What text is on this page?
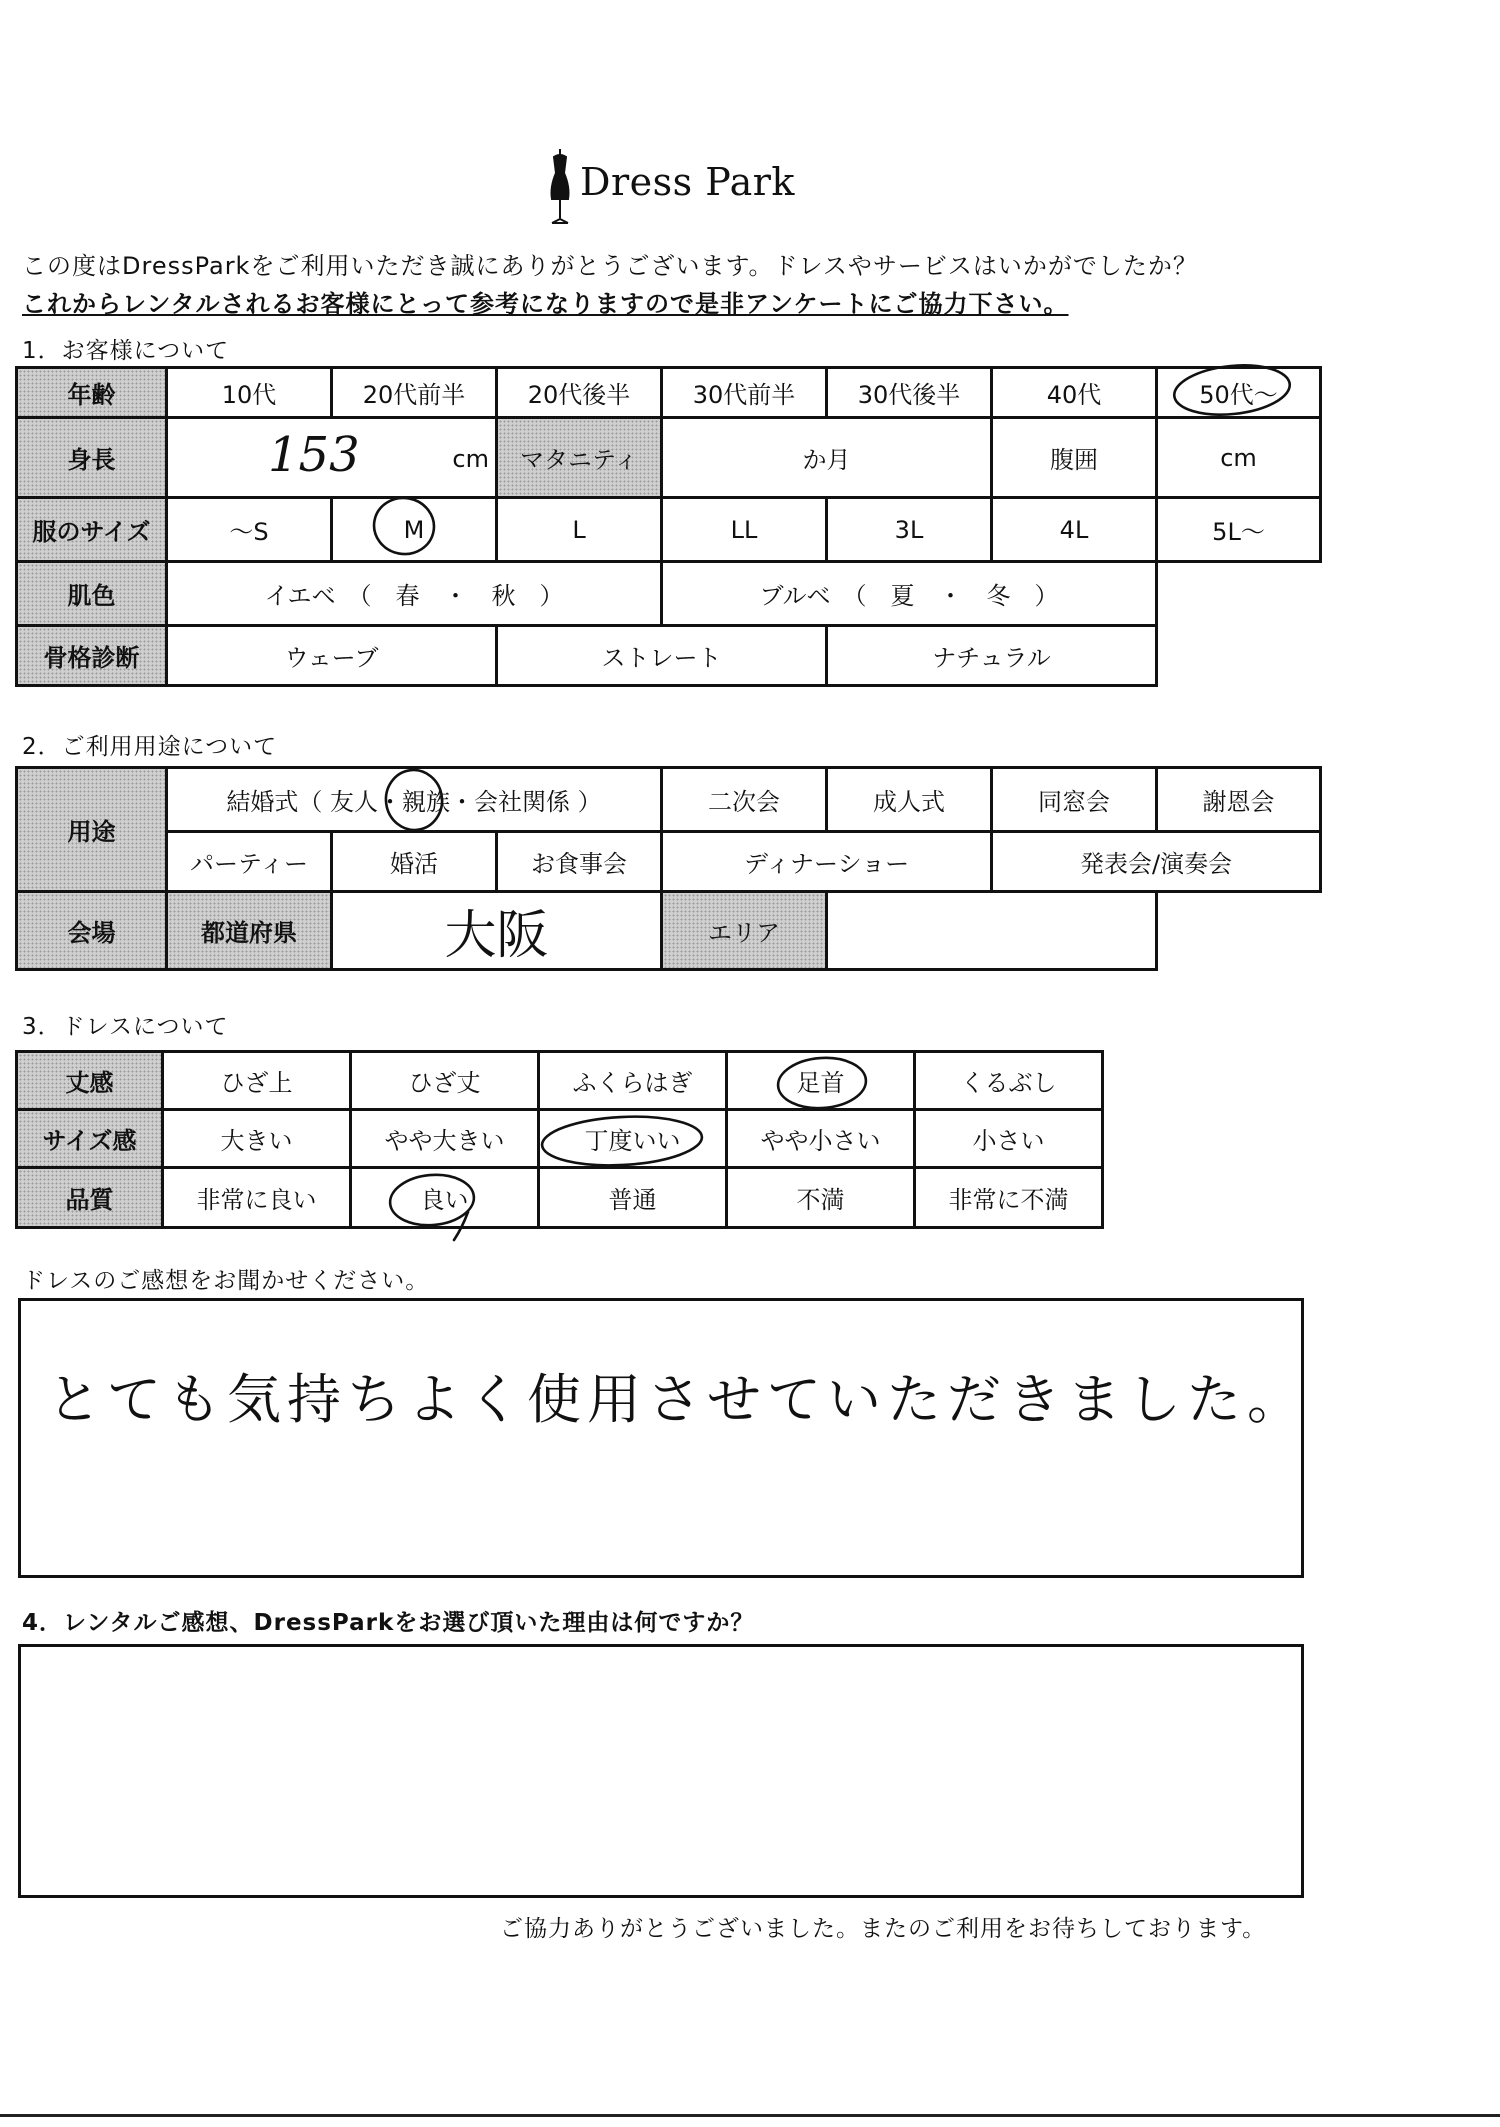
Dress Park
この度はDressParkをご利用いただき誠にありがとうございます。ドレスやサービスはいかがでしたか？
これからレンタルされるお客様にとって参考になりますので是非アンケートにご協力下さい。
1．お客様について
年齢	10代	20代前半	20代後半	30代前半	30代後半	40代	50代～
身長	153 cm		マタニティ	か月		腹囲	cm
服のサイズ	～S	M	L	LL	3L	4L	5L～
肌色	イエベ　（　春　・　秋　）			ブルベ　（　夏　・　冬　）			
骨格診断	ウェーブ		ストレート		ナチュラル		
2．ご利用用途について
用途	結婚式（ 友人・親族・会社関係 ）			二次会	成人式	同窓会	謝恩会
	パーティー	婚活	お食事会	ディナーショー		発表会/演奏会	
会場	都道府県	大阪		エリア			
3．ドレスについて
丈感	ひざ上	ひざ丈	ふくらはぎ	足首	くるぶし
サイズ感	大きい	やや大きい	丁度いい	やや小さい	小さい
品質	非常に良い	良い	普通	不満	非常に不満
ドレスのご感想をお聞かせください。
とても気持ちよく使用させていただきました。
4．レンタルご感想、DressParkをお選び頂いた理由は何ですか？
ご協力ありがとうございました。またのご利用をお待ちしております。
